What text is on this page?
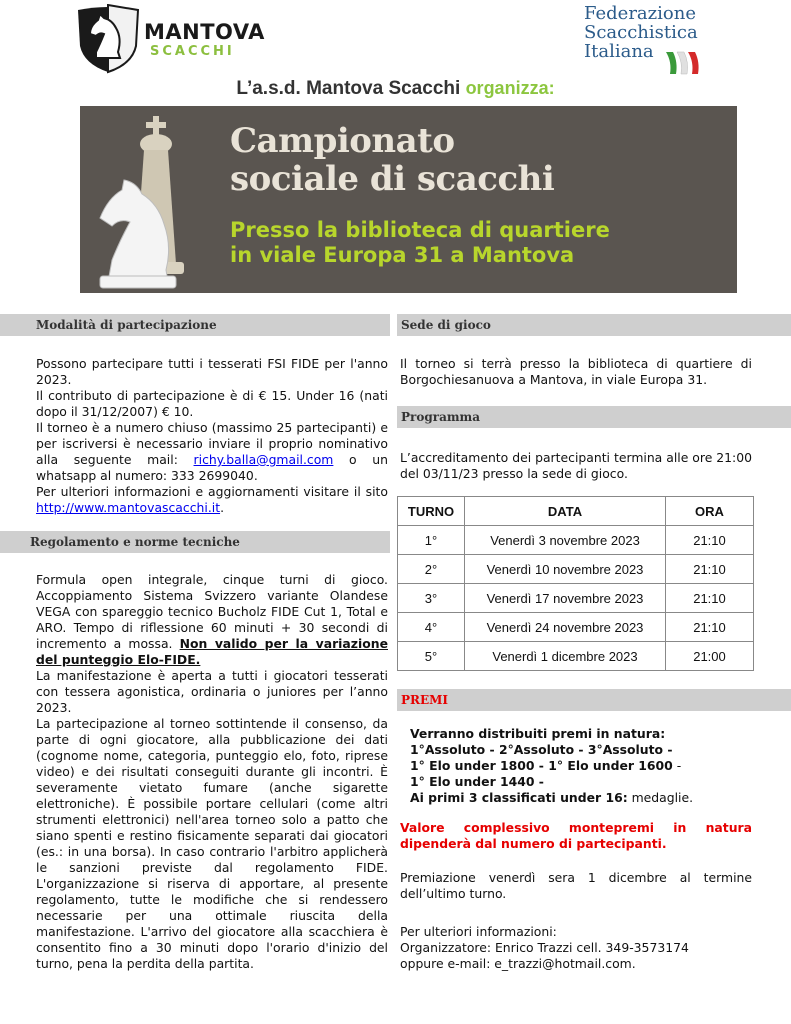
MANTOVA
SCACCHI
Federazione
Scacchistica
Italiana
L’a.s.d. Mantova Scacchi organizza:
Campionato
sociale di scacchi
Presso la biblioteca di quartiere
in viale Europa 31 a Mantova
Modalità di partecipazione
Possono partecipare tutti i tesserati FSI FIDE per l'anno 2023.
Il contributo di partecipazione è di € 15. Under 16 (nati dopo il 31/12/2007) € 10.
Il torneo è a numero chiuso (massimo 25 partecipanti) e per iscriversi è necessario inviare il proprio nominativo alla seguente mail: richy.balla@gmail.com o un whatsapp al numero: 333 2699040.
Per ulteriori informazioni e aggiornamenti visitare il sito http://www.mantovascacchi.it.
Regolamento e norme tecniche
Formula open integrale, cinque turni di gioco. Accoppiamento Sistema Svizzero variante Olandese VEGA con spareggio tecnico Bucholz FIDE Cut 1, Total e ARO. Tempo di riflessione 60 minuti + 30 secondi di incremento a mossa. Non valido per la variazione del punteggio Elo-FIDE.
La manifestazione è aperta a tutti i giocatori tesserati con tessera agonistica, ordinaria o juniores per l’anno 2023.
La partecipazione al torneo sottintende il consenso, da parte di ogni giocatore, alla pubblicazione dei dati (cognome nome, categoria, punteggio elo, foto, riprese video) e dei risultati conseguiti durante gli incontri. È severamente vietato fumare (anche sigarette elettroniche). È possibile portare cellulari (come altri strumenti elettronici) nell'area torneo solo a patto che siano spenti e restino fisicamente separati dai giocatori (es.: in una borsa). In caso contrario l'arbitro applicherà le sanzioni previste dal regolamento FIDE. L'organizzazione si riserva di apportare, al presente regolamento, tutte le modifiche che si rendessero necessarie per una ottimale riuscita della manifestazione. L'arrivo del giocatore alla scacchiera è consentito fino a 30 minuti dopo l'orario d'inizio del turno, pena la perdita della partita.
Sede di gioco
Il torneo si terrà presso la biblioteca di quartiere di Borgochiesanuova a Mantova, in viale Europa 31.
Programma
L’accreditamento dei partecipanti termina alle ore 21:00 del 03/11/23 presso la sede di gioco.
TURNO	DATA	ORA
1°	Venerdì 3 novembre 2023	21:10
2°	Venerdì 10 novembre 2023	21:10
3°	Venerdì 17 novembre 2023	21:10
4°	Venerdì 24 novembre 2023	21:10
5°	Venerdì 1 dicembre 2023	21:00
PREMI
Verranno distribuiti premi in natura:
1°Assoluto - 2°Assoluto - 3°Assoluto -
1° Elo under 1800 - 1° Elo under 1600 -
1° Elo under 1440 -
Ai primi 3 classificati under 16: medaglie.
Valore complessivo montepremi in natura dipenderà dal numero di partecipanti.
Premiazione venerdì sera 1 dicembre al termine dell’ultimo turno.
Per ulteriori informazioni:
Organizzatore: Enrico Trazzi cell. 349-3573174
oppure e-mail: e_trazzi@hotmail.com.
